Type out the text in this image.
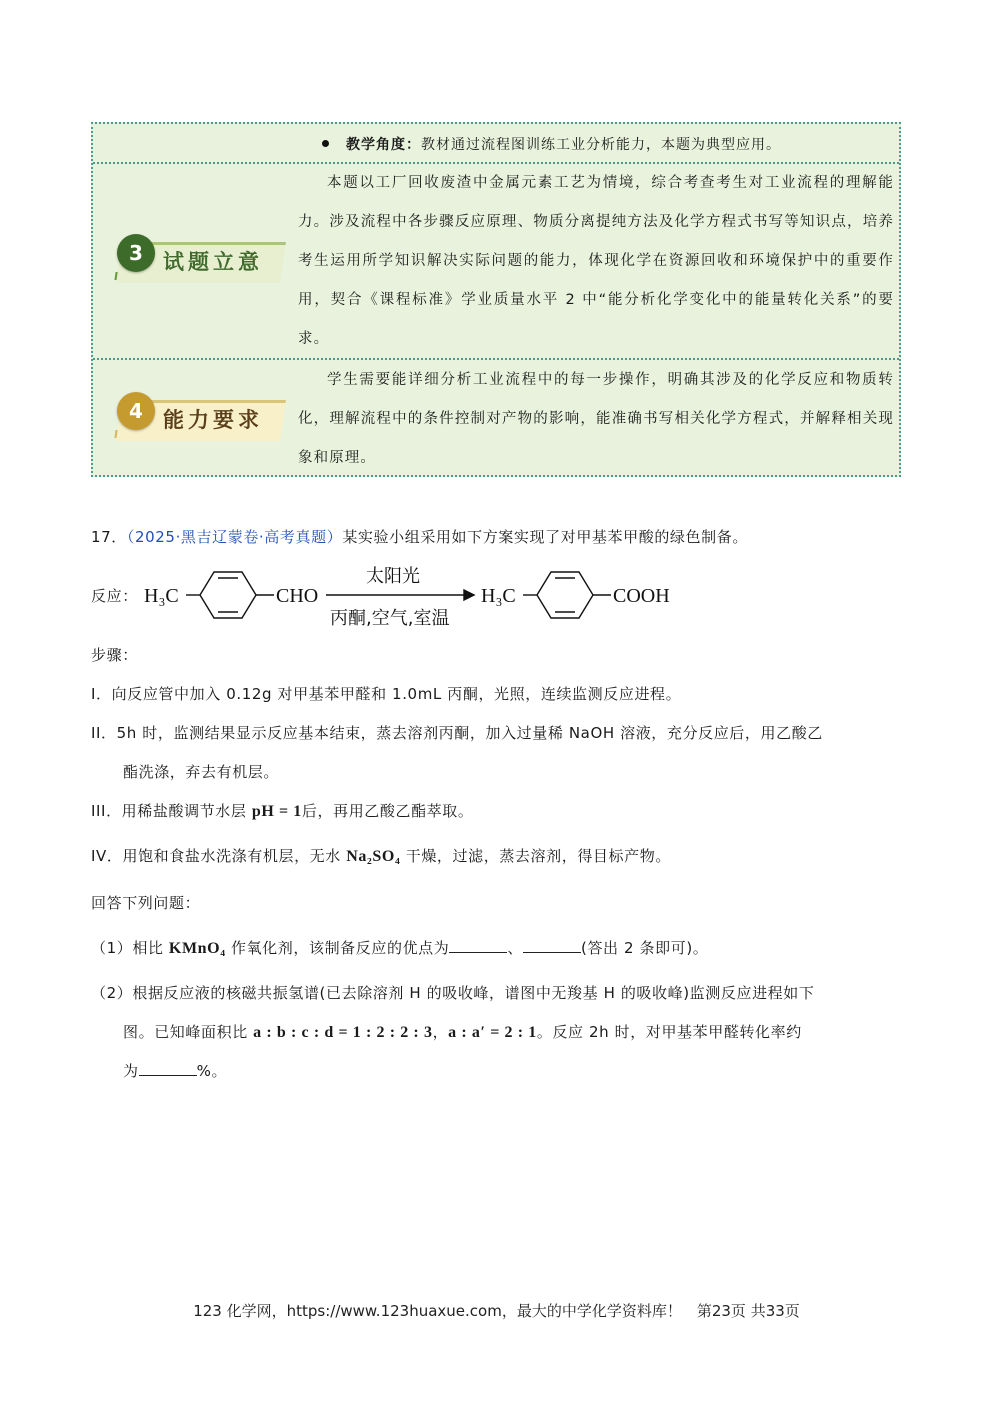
教学角度：教材通过流程图训练工业分析能力，本题为典型应用。
3 试题立意
本题以工厂回收废渣中金属元素工艺为情境，综合考查考生对工业流程的理解能力。涉及流程中各步骤反应原理、物质分离提纯方法及化学方程式书写等知识点，培养考生运用所学知识解决实际问题的能力，体现化学在资源回收和环境保护中的重要作用，契合《课程标准》学业质量水平 2 中“能分析化学变化中的能量转化关系”的要求。
4 能力要求
学生需要能详细分析工业流程中的每一步操作，明确其涉及的化学反应和物质转化，理解流程中的条件控制对产物的影响，能准确书写相关化学方程式，并解释相关现象和原理。
17．（2025·黑吉辽蒙卷·高考真题）某实验小组采用如下方案实现了对甲基苯甲酸的绿色制备。
反应： H₃C	CHO	H₃C	COOH
太阳光
丙酮,空气,室温
步骤：
I．向反应管中加入 0.12g 对甲基苯甲醛和 1.0mL 丙酮，光照，连续监测反应进程。
II．5h 时，监测结果显示反应基本结束，蒸去溶剂丙酮，加入过量稀 NaOH 溶液，充分反应后，用乙酸乙
酯洗涤，弃去有机层。
III．用稀盐酸调节水层 pH = 1后，再用乙酸乙酯萃取。
IV．用饱和食盐水洗涤有机层，无水 Na₂SO₄ 干燥，过滤，蒸去溶剂，得目标产物。
回答下列问题：
（1）相比 KMnO₄ 作氧化剂，该制备反应的优点为	、	(答出 2 条即可)。
（2）根据反应液的核磁共振氢谱(已去除溶剂 H 的吸收峰，谱图中无羧基 H 的吸收峰)监测反应进程如下
图。已知峰面积比 a : b : c : d = 1 : 2 : 2 : 3，a : a′ = 2 : 1。反应 2h 时，对甲基苯甲醛转化率约
为	%。
123 化学网，https://www.123huaxue.com，最大的中学化学资料库！　第23页 共33页
